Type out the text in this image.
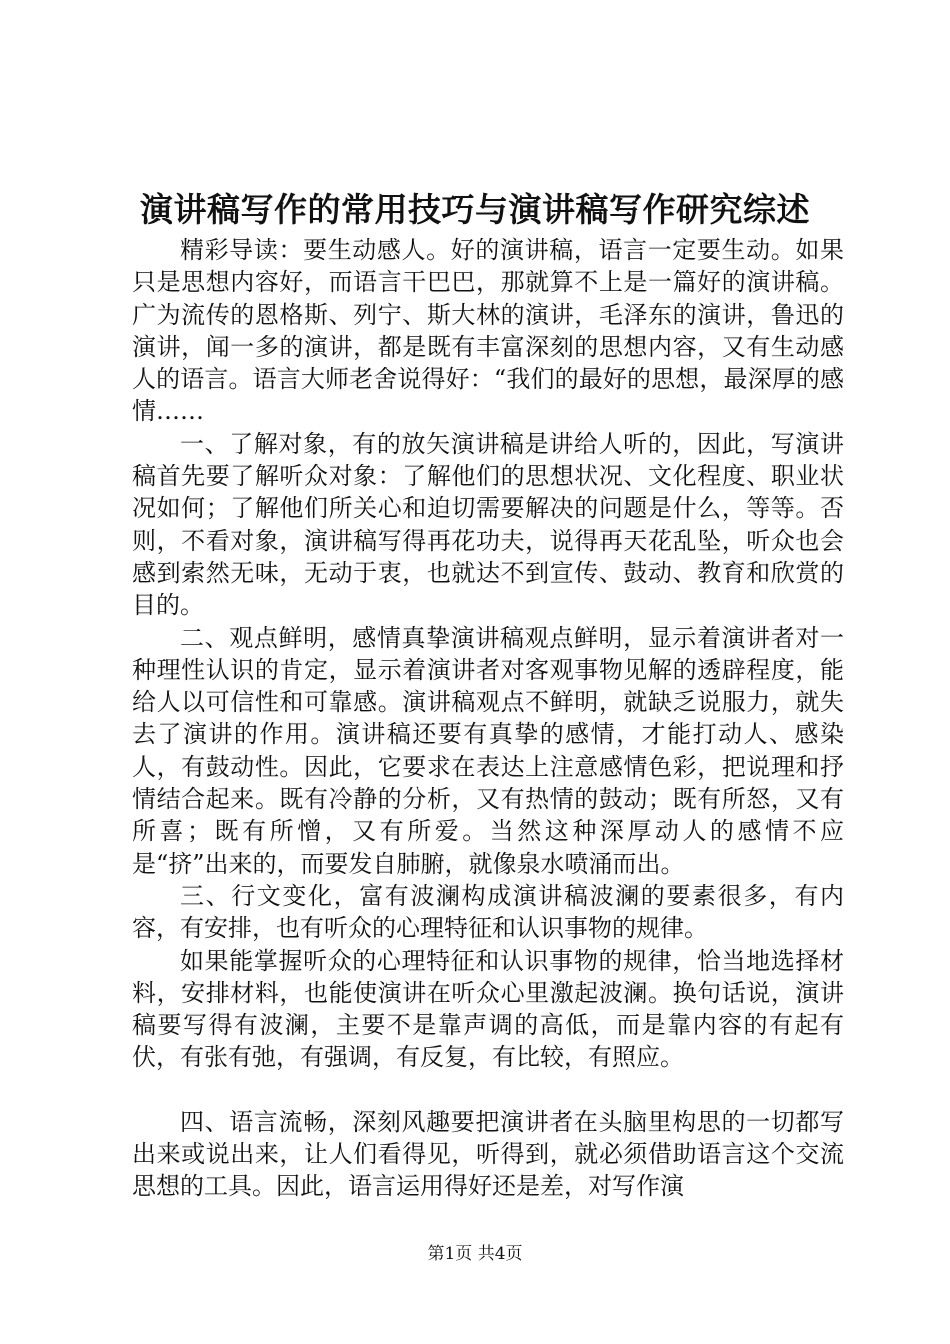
演讲稿写作的常用技巧与演讲稿写作研究综述

精彩导读：要生动感人。好的演讲稿，语言一定要生动。如果只是思想内容好，而语言干巴巴，那就算不上是一篇好的演讲稿。广为流传的恩格斯、列宁、斯大林的演讲，毛泽东的演讲，鲁迅的演讲，闻一多的演讲，都是既有丰富深刻的思想内容，又有生动感人的语言。语言大师老舍说得好：“我们的最好的思想，最深厚的感情……

一、了解对象，有的放矢演讲稿是讲给人听的，因此，写演讲稿首先要了解听众对象：了解他们的思想状况、文化程度、职业状况如何；了解他们所关心和迫切需要解决的问题是什么，等等。否则，不看对象，演讲稿写得再花功夫，说得再天花乱坠，听众也会感到索然无味，无动于衷，也就达不到宣传、鼓动、教育和欣赏的目的。

二、观点鲜明，感情真挚演讲稿观点鲜明，显示着演讲者对一种理性认识的肯定，显示着演讲者对客观事物见解的透辟程度，能给人以可信性和可靠感。演讲稿观点不鲜明，就缺乏说服力，就失去了演讲的作用。演讲稿还要有真挚的感情，才能打动人、感染人，有鼓动性。因此，它要求在表达上注意感情色彩，把说理和抒情结合起来。既有冷静的分析，又有热情的鼓动；既有所怒，又有所喜；既有所憎，又有所爱。当然这种深厚动人的感情不应是“挤”出来的，而要发自肺腑，就像泉水喷涌而出。

三、行文变化，富有波澜构成演讲稿波澜的要素很多，有内容，有安排，也有听众的心理特征和认识事物的规律。

如果能掌握听众的心理特征和认识事物的规律，恰当地选择材料，安排材料，也能使演讲在听众心里激起波澜。换句话说，演讲稿要写得有波澜，主要不是靠声调的高低，而是靠内容的有起有伏，有张有弛，有强调，有反复，有比较，有照应。

四、语言流畅，深刻风趣要把演讲者在头脑里构思的一切都写出来或说出来，让人们看得见，听得到，就必须借助语言这个交流思想的工具。因此，语言运用得好还是差，对写作演

第1页 共4页
